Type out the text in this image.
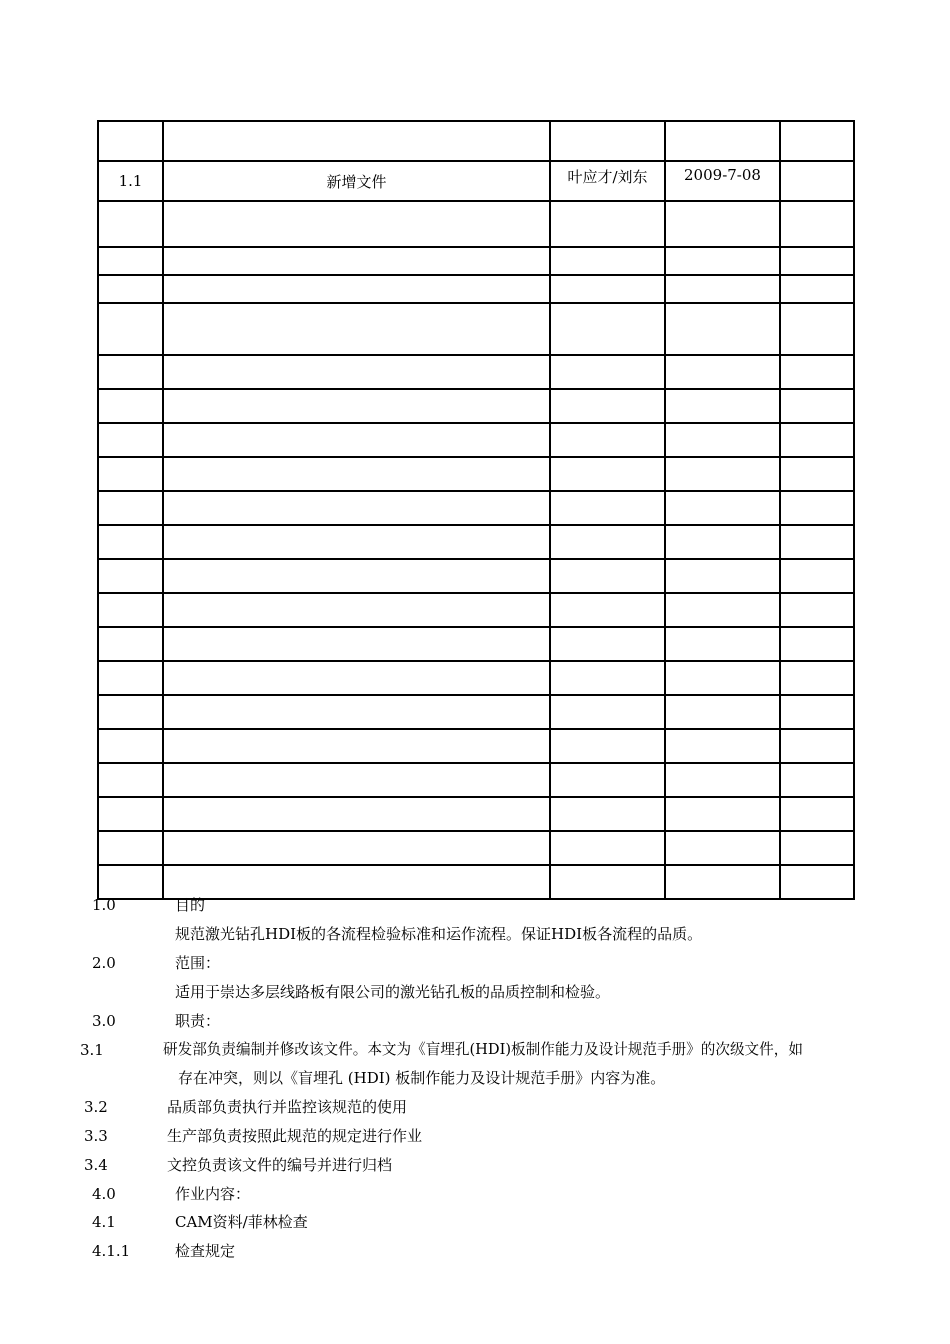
1.1	新增文件	叶应才/刘东	2009-7-08	

1.0	目的
规范激光钻孔HDI板的各流程检验标准和运作流程。保证HDI板各流程的品质。
2.0	范围：
适用于崇达多层线路板有限公司的激光钻孔板的品质控制和检验。
3.0	职责：
3.1	研发部负责编制并修改该文件。本文为《盲埋孔(HDI)板制作能力及设计规范手册》的次级文件，如
存在冲突，则以《盲埋孔 (HDI) 板制作能力及设计规范手册》内容为准。
3.2	品质部负责执行并监控该规范的使用
3.3	生产部负责按照此规范的规定进行作业
3.4	文控负责该文件的编号并进行归档
4.0	作业内容：
4.1	CAM资料/菲林检查
4.1.1	检查规定
